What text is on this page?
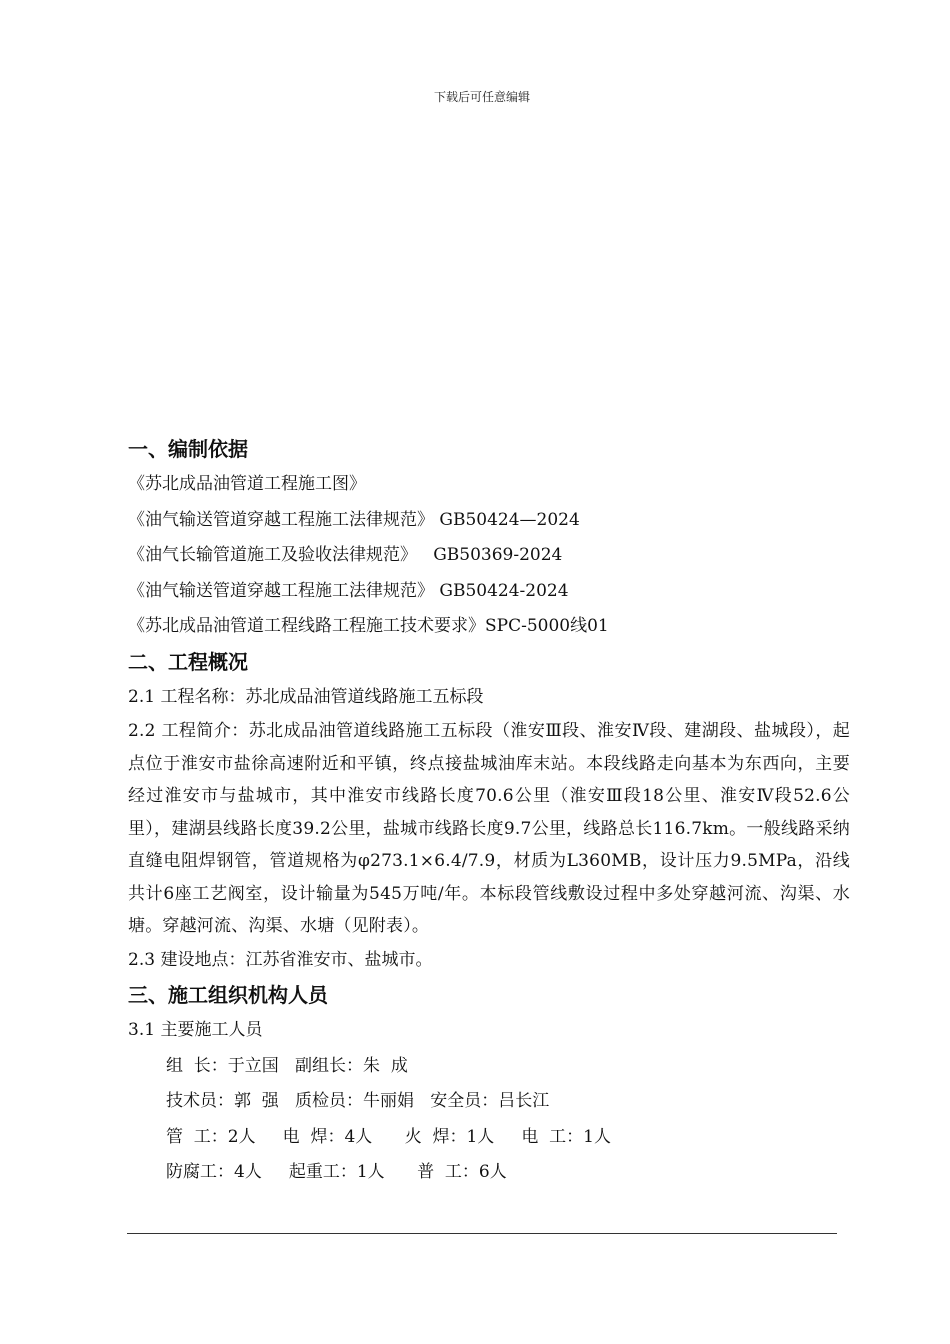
下载后可任意编辑
一、编制依据
《苏北成品油管道工程施工图》
《油气输送管道穿越工程施工法律规范》 GB50424—2024
《油气长输管道施工及验收法律规范》   GB50369-2024
《油气输送管道穿越工程施工法律规范》 GB50424-2024
《苏北成品油管道工程线路工程施工技术要求》SPC-5000线01
二、工程概况
2.1 工程名称：苏北成品油管道线路施工五标段
2.2 工程简介：苏北成品油管道线路施工五标段（淮安Ⅲ段、淮安Ⅳ段、建湖段、盐城段），起点位于淮安市盐徐高速附近和平镇，终点接盐城油库末站。本段线路走向基本为东西向，主要经过淮安市与盐城市，其中淮安市线路长度70.6公里（淮安Ⅲ段18公里、淮安Ⅳ段52.6公里），建湖县线路长度39.2公里，盐城市线路长度9.7公里，线路总长116.7km。一般线路采纳直缝电阻焊钢管，管道规格为φ273.1×6.4/7.9，材质为L360MB，设计压力9.5MPa，沿线共计6座工艺阀室，设计输量为545万吨/年。本标段管线敷设过程中多处穿越河流、沟渠、水塘。穿越河流、沟渠、水塘（见附表）。
2.3 建设地点：江苏省淮安市、盐城市。
三、施工组织机构人员
3.1 主要施工人员
组  长：于立国   副组长：朱  成
技术员：郭  强   质检员：牛丽娟   安全员：吕长江
管  工：2人     电  焊：4人      火  焊：1人     电  工：1人
防腐工：4人     起重工：1人      普  工：6人
